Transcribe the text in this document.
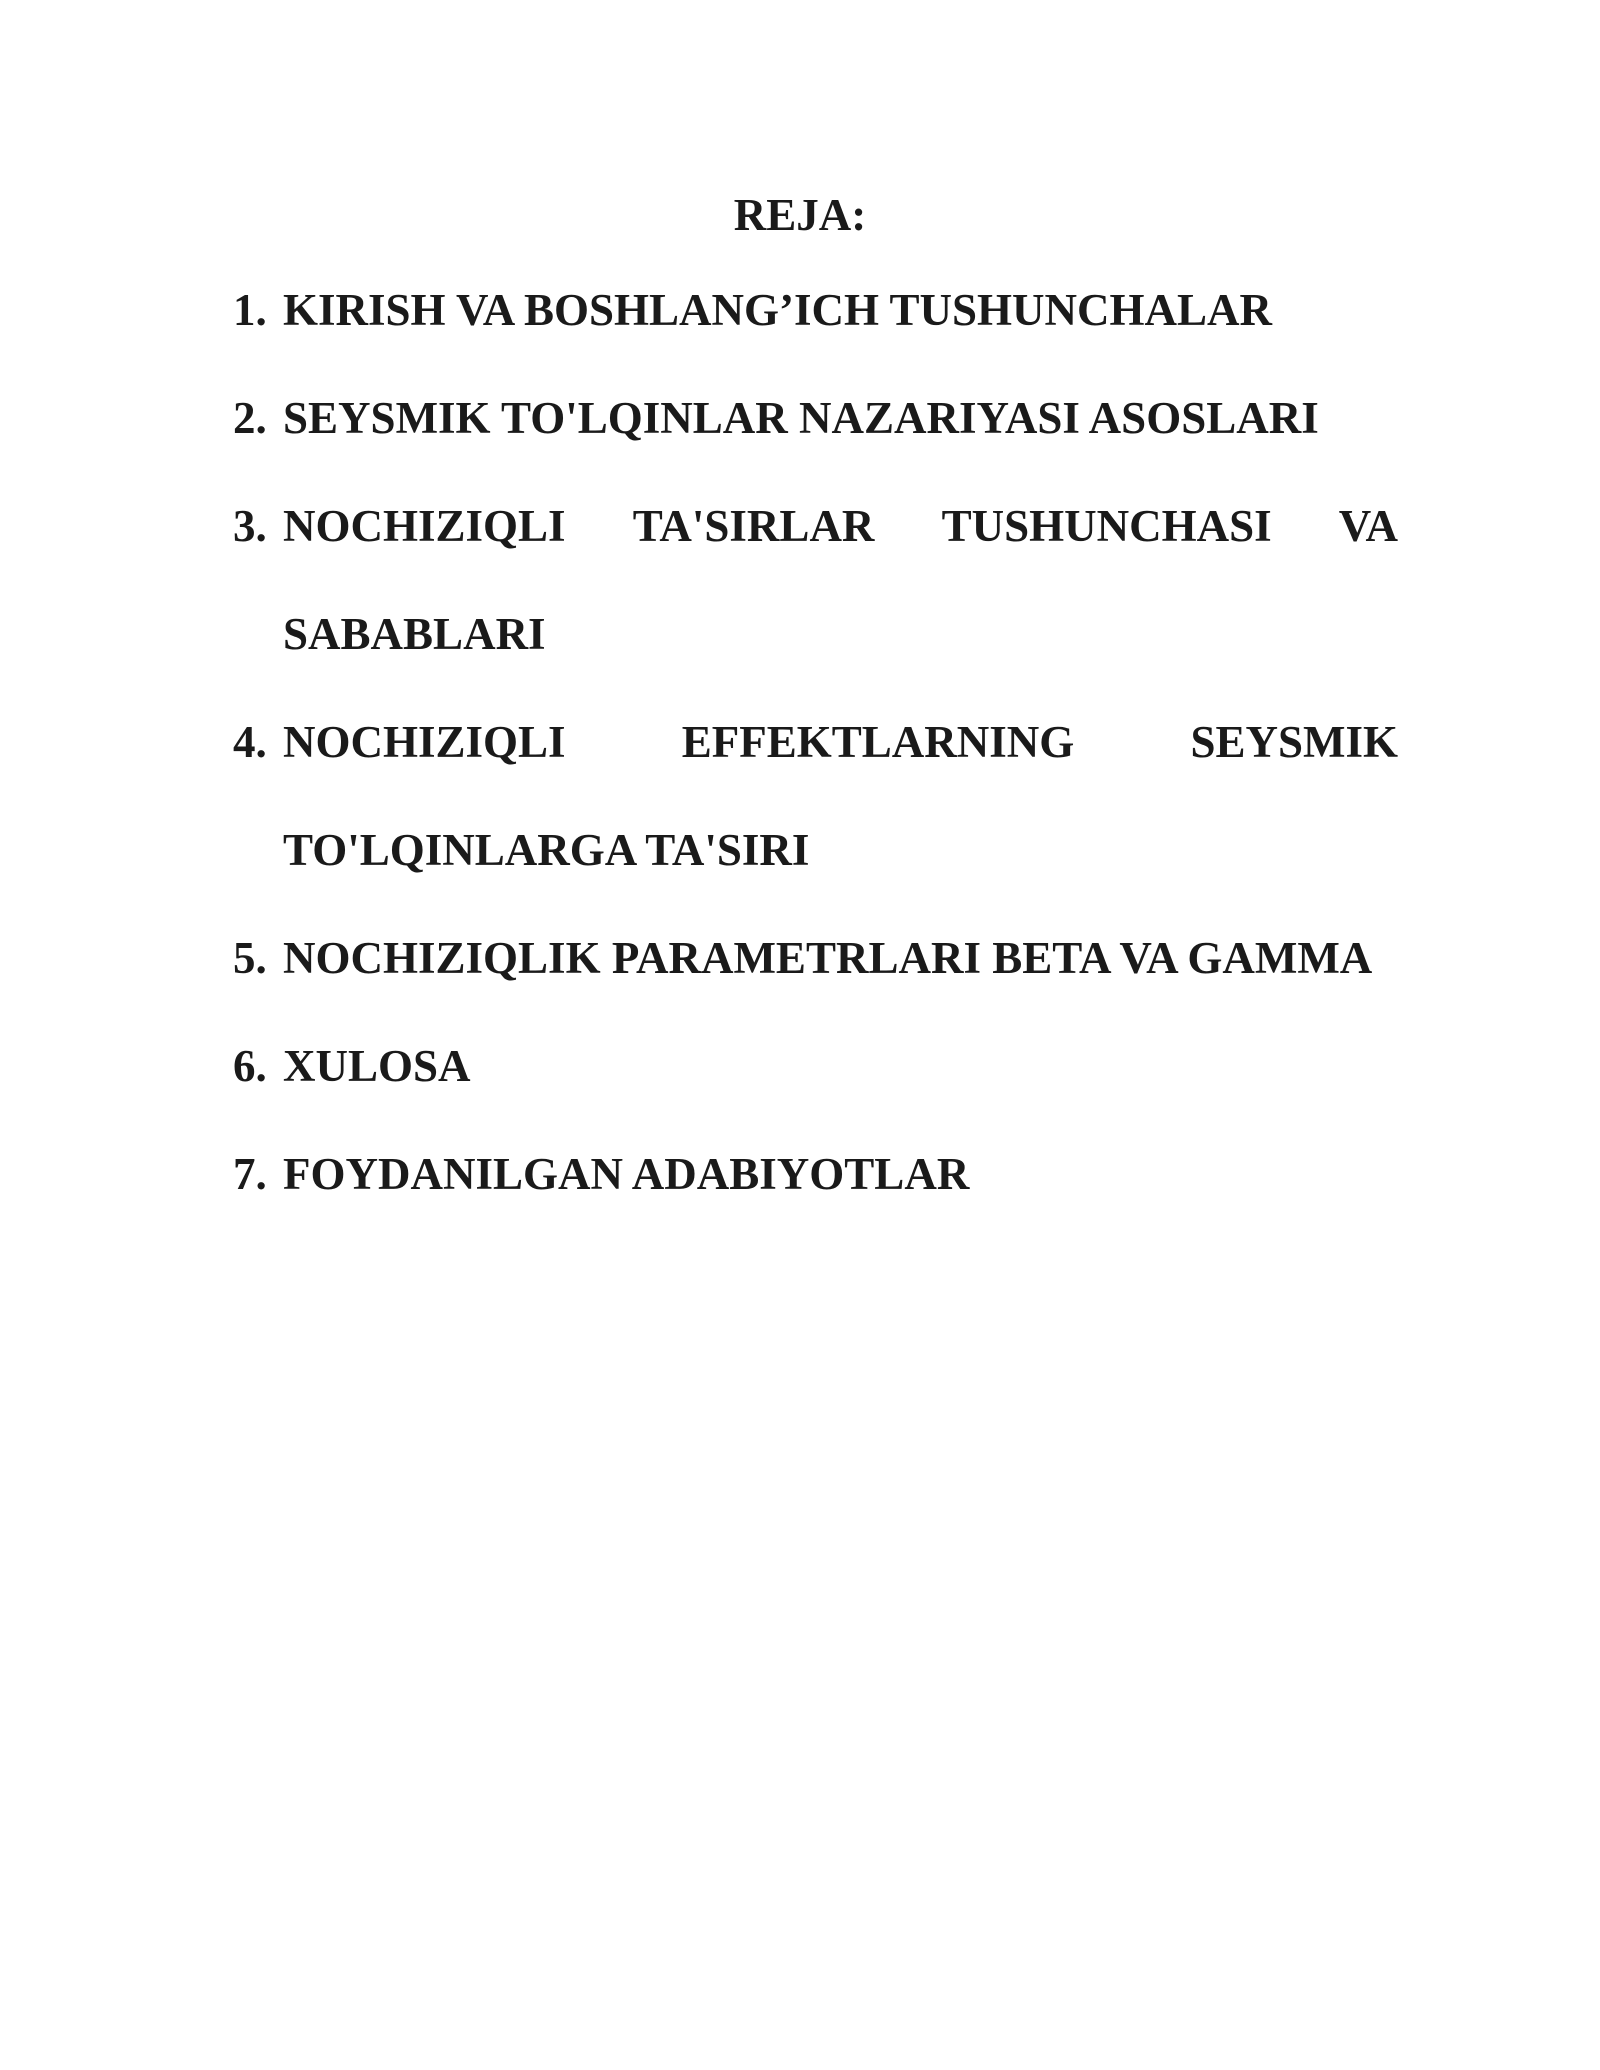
REJA:
1. KIRISH VA BOSHLANG’ICH TUSHUNCHALAR
2. SEYSMIK TO'LQINLAR NAZARIYASI ASOSLARI
3. NOCHIZIQLI TA'SIRLAR TUSHUNCHASI VA SABABLARI
4. NOCHIZIQLI EFFEKTLARNING SEYSMIK TO'LQINLARGA TA'SIRI
5. NOCHIZIQLIK PARAMETRLARI BETA VA GAMMA
6. XULOSA
7. FOYDANILGAN ADABIYOTLAR
